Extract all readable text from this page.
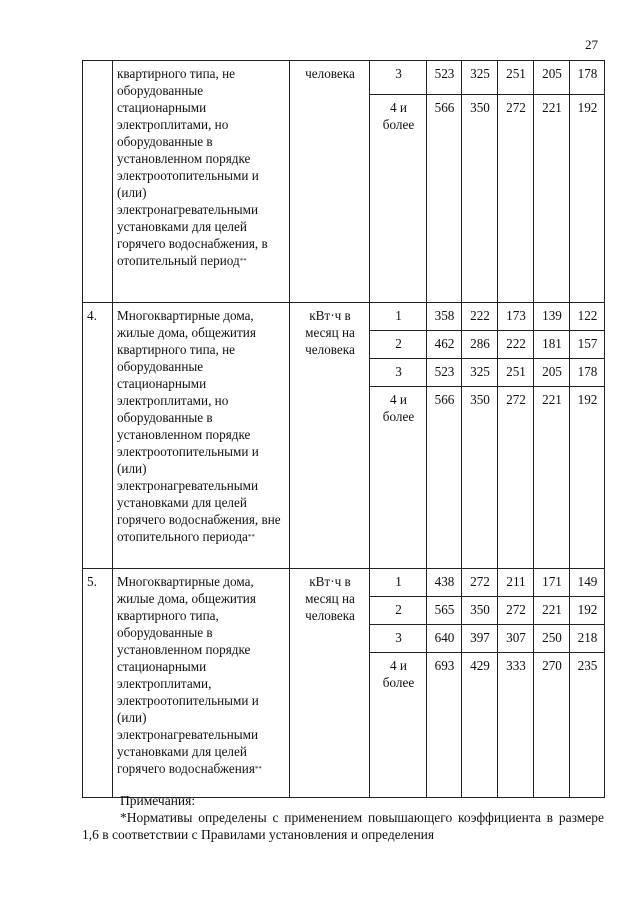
27
	квартирного типа, не оборудованные стационарными электроплитами, но оборудованные в установленном порядке электроотопительными и (или) электронагревательными установками для целей горячего водоснабжения, в отопительный период**	человека	3	523	325	251	205	178
			4 и более	566	350	272	221	192
4.	Многоквартирные дома, жилые дома, общежития квартирного типа, не оборудованные стационарными электроплитами, но оборудованные в установленном порядке электроотопительными и (или) электронагревательными установками для целей горячего водоснабжения, вне отопительного периода**	кВт·ч в месяц на человека	1	358	222	173	139	122
			2	462	286	222	181	157
			3	523	325	251	205	178
			4 и более	566	350	272	221	192
5.	Многоквартирные дома, жилые дома, общежития квартирного типа, оборудованные в установленном порядке стационарными электроплитами, электроотопительными и (или) электронагревательными установками для целей горячего водоснабжения**	кВт·ч в месяц на человека	1	438	272	211	171	149
			2	565	350	272	221	192
			3	640	397	307	250	218
			4 и более	693	429	333	270	235
Примечания:
*Нормативы определены с применением повышающего коэффициента в размере 1,6 в соответствии с Правилами установления и определения
